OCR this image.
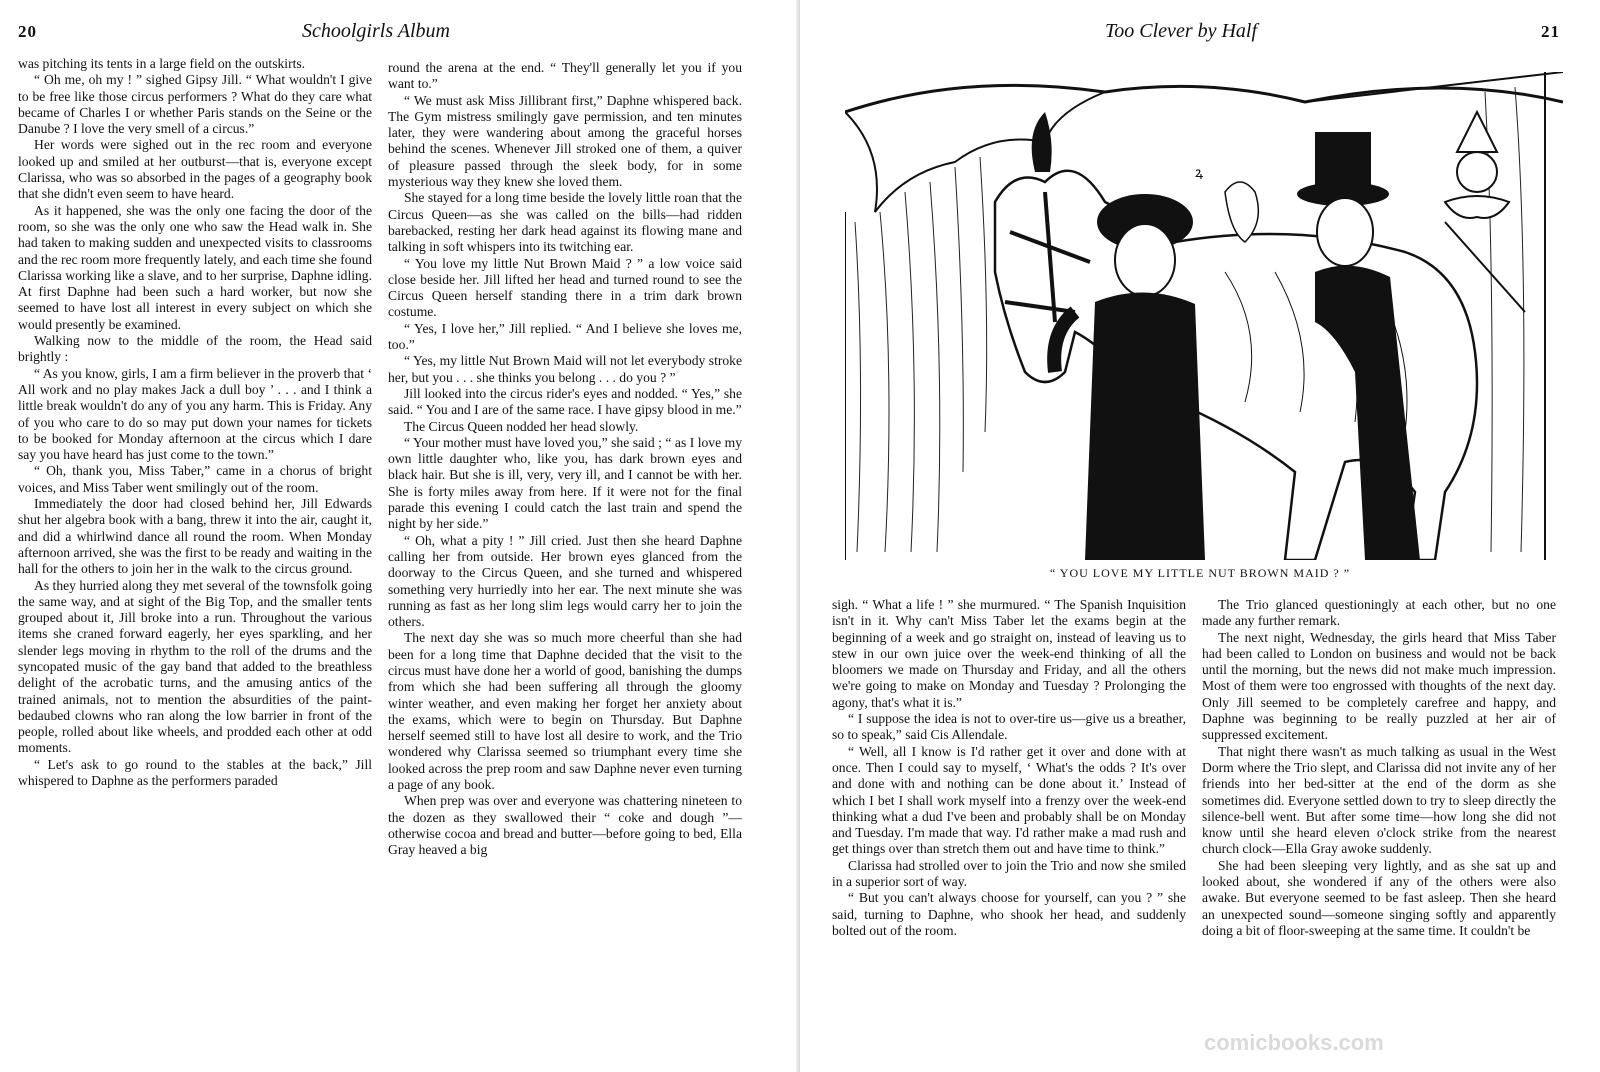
20	Schoolgirls Album

was pitching its tents in a large field on the outskirts.

“ Oh me, oh my ! ” sighed Gipsy Jill. “ What wouldn't I give to be free like those circus performers ? What do they care what became of Charles I or whether Paris stands on the Seine or the Danube ? I love the very smell of a circus.”

Her words were sighed out in the rec room and everyone looked up and smiled at her outburst—that is, everyone except Clarissa, who was so absorbed in the pages of a geography book that she didn't even seem to have heard.

As it happened, she was the only one facing the door of the room, so she was the only one who saw the Head walk in. She had taken to making sudden and unexpected visits to classrooms and the rec room more frequently lately, and each time she found Clarissa working like a slave, and to her surprise, Daphne idling. At first Daphne had been such a hard worker, but now she seemed to have lost all interest in every subject on which she would presently be examined.

Walking now to the middle of the room, the Head said brightly :

“ As you know, girls, I am a firm believer in the proverb that ‘ All work and no play makes Jack a dull boy ’ . . . and I think a little break wouldn't do any of you any harm. This is Friday. Any of you who care to do so may put down your names for tickets to be booked for Monday afternoon at the circus which I dare say you have heard has just come to the town.”

“ Oh, thank you, Miss Taber,” came in a chorus of bright voices, and Miss Taber went smilingly out of the room.

Immediately the door had closed behind her, Jill Edwards shut her algebra book with a bang, threw it into the air, caught it, and did a whirlwind dance all round the room. When Monday afternoon arrived, she was the first to be ready and waiting in the hall for the others to join her in the walk to the circus ground.

As they hurried along they met several of the townsfolk going the same way, and at sight of the Big Top, and the smaller tents grouped about it, Jill broke into a run. Throughout the various items she craned forward eagerly, her eyes sparkling, and her slender legs moving in rhythm to the roll of the drums and the syncopated music of the gay band that added to the breathless delight of the acrobatic turns, and the amusing antics of the trained animals, not to mention the absurdities of the paint-bedaubed clowns who ran along the low barrier in front of the people, rolled about like wheels, and prodded each other at odd moments.

“ Let's ask to go round to the stables at the back,” Jill whispered to Daphne as the performers paraded

round the arena at the end. “ They'll generally let you if you want to.”

“ We must ask Miss Jillibrant first,” Daphne whispered back. The Gym mistress smilingly gave permission, and ten minutes later, they were wandering about among the graceful horses behind the scenes. Whenever Jill stroked one of them, a quiver of pleasure passed through the sleek body, for in some mysterious way they knew she loved them.

She stayed for a long time beside the lovely little roan that the Circus Queen—as she was called on the bills—had ridden barebacked, resting her dark head against its flowing mane and talking in soft whispers into its twitching ear.

“ You love my little Nut Brown Maid ? ” a low voice said close beside her. Jill lifted her head and turned round to see the Circus Queen herself standing there in a trim dark brown costume.

“ Yes, I love her,” Jill replied. “ And I believe she loves me, too.”

“ Yes, my little Nut Brown Maid will not let everybody stroke her, but you . . . she thinks you belong . . . do you ? ”

Jill looked into the circus rider's eyes and nodded. “ Yes,” she said. “ You and I are of the same race. I have gipsy blood in me.”

The Circus Queen nodded her head slowly.

“ Your mother must have loved you,” she said ; “ as I love my own little daughter who, like you, has dark brown eyes and black hair. But she is ill, very, very ill, and I cannot be with her. She is forty miles away from here. If it were not for the final parade this evening I could catch the last train and spend the night by her side.”

“ Oh, what a pity ! ” Jill cried. Just then she heard Daphne calling her from outside. Her brown eyes glanced from the doorway to the Circus Queen, and she turned and whispered something very hurriedly into her ear. The next minute she was running as fast as her long slim legs would carry her to join the others.

The next day she was so much more cheerful than she had been for a long time that Daphne decided that the visit to the circus must have done her a world of good, banishing the dumps from which she had been suffering all through the gloomy winter weather, and even making her forget her anxiety about the exams, which were to begin on Thursday. But Daphne herself seemed still to have lost all desire to work, and the Trio wondered why Clarissa seemed so triumphant every time she looked across the prep room and saw Daphne never even turning a page of any book.

When prep was over and everyone was chattering nineteen to the dozen as they swallowed their “ coke and dough ”—otherwise cocoa and bread and butter—before going to bed, Ella Gray heaved a big

Too Clever by Half	21
ꝝ
“ YOU LOVE MY LITTLE NUT BROWN MAID ? ”

sigh. “ What a life ! ” she murmured. “ The Spanish Inquisition isn't in it. Why can't Miss Taber let the exams begin at the beginning of a week and go straight on, instead of leaving us to stew in our own juice over the week-end thinking of all the bloomers we made on Thursday and Friday, and all the others we're going to make on Monday and Tuesday ? Prolonging the agony, that's what it is.”

“ I suppose the idea is not to over-tire us—give us a breather, so to speak,” said Cis Allendale.

“ Well, all I know is I'd rather get it over and done with at once. Then I could say to myself, ‘ What's the odds ? It's over and done with and nothing can be done about it.’ Instead of which I bet I shall work myself into a frenzy over the week-end thinking what a dud I've been and probably shall be on Monday and Tuesday. I'm made that way. I'd rather make a mad rush and get things over than stretch them out and have time to think.”

Clarissa had strolled over to join the Trio and now she smiled in a superior sort of way.

“ But you can't always choose for yourself, can you ? ” she said, turning to Daphne, who shook her head, and suddenly bolted out of the room.

The Trio glanced questioningly at each other, but no one made any further remark.

The next night, Wednesday, the girls heard that Miss Taber had been called to London on business and would not be back until the morning, but the news did not make much impression. Most of them were too engrossed with thoughts of the next day. Only Jill seemed to be completely carefree and happy, and Daphne was beginning to be really puzzled at her air of suppressed excitement.

That night there wasn't as much talking as usual in the West Dorm where the Trio slept, and Clarissa did not invite any of her friends into her bed-sitter at the end of the dorm as she sometimes did. Everyone settled down to try to sleep directly the silence-bell went. But after some time—how long she did not know until she heard eleven o'clock strike from the nearest church clock—Ella Gray awoke suddenly.

She had been sleeping very lightly, and as she sat up and looked about, she wondered if any of the others were also awake. But everyone seemed to be fast asleep. Then she heard an unexpected sound—someone singing softly and apparently doing a bit of floor-sweeping at the same time. It couldn't be

comicbooks.com
